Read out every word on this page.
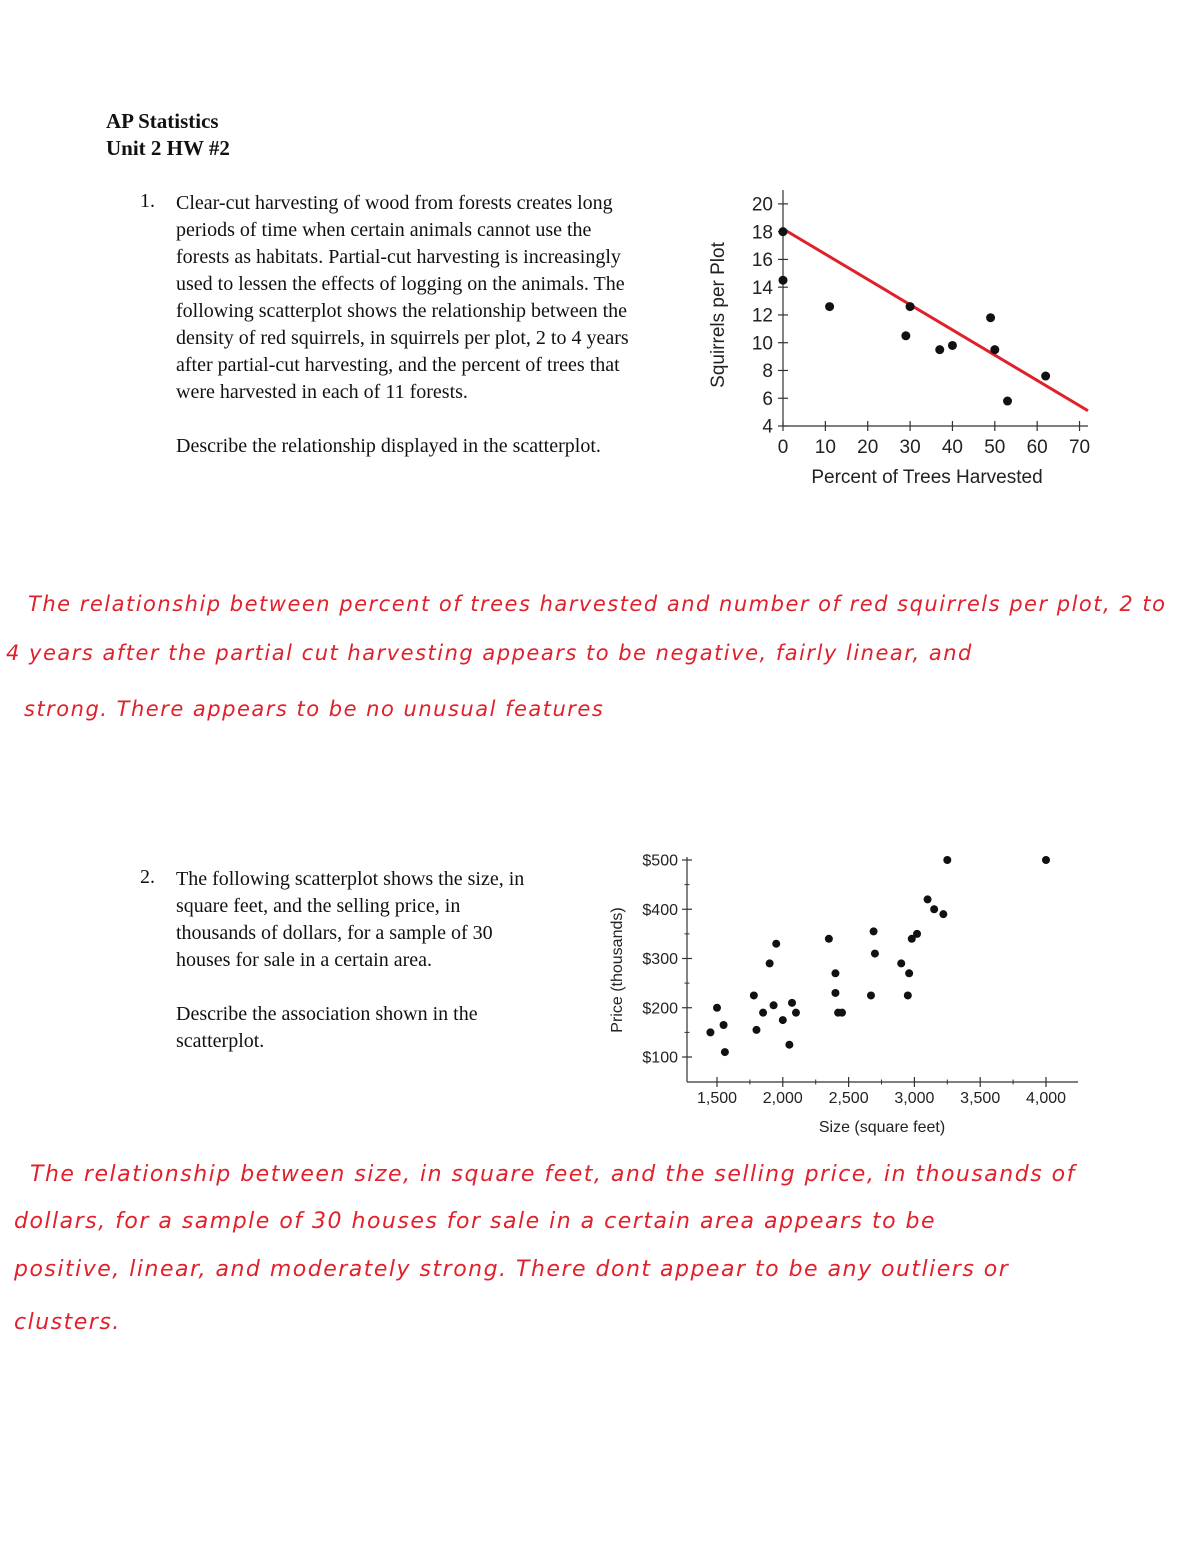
AP Statistics
Unit 2 HW #2
1. Clear-cut harvesting of wood from forests creates long periods of time when certain animals cannot use the forests as habitats. Partial-cut harvesting is increasingly used to lessen the effects of logging on the animals. The following scatterplot shows the relationship between the density of red squirrels, in squirrels per plot, 2 to 4 years after partial-cut harvesting, and the percent of trees that were harvested in each of 11 forests.

Describe the relationship displayed in the scatterplot.	0 10 20 30 40 50 60 70
4
6
8
10
12
14
16
18
20
Percent of Trees Harvested
Squirrels per Plot
The relationship between percent of trees harvested and number of red squirrels per plot, 2 to
4 years after the partial cut harvesting appears to be negative, fairly linear, and
strong. There appears to be no unusual features
2. The following scatterplot shows the size, in square feet, and the selling price, in thousands of dollars, for a sample of 30 houses for sale in a certain area.

Describe the association shown in the scatterplot.

1,500 2,000 2,500 3,000 3,500 4,000
$100
$200
$300
$400
$500
Size (square feet)
Price (thousands)
The relationship between size, in square feet, and the selling price, in thousands of
dollars, for a sample of 30 houses for sale in a certain area appears to be
positive, linear, and moderately strong. There dont appear to be any outliers or
clusters.
